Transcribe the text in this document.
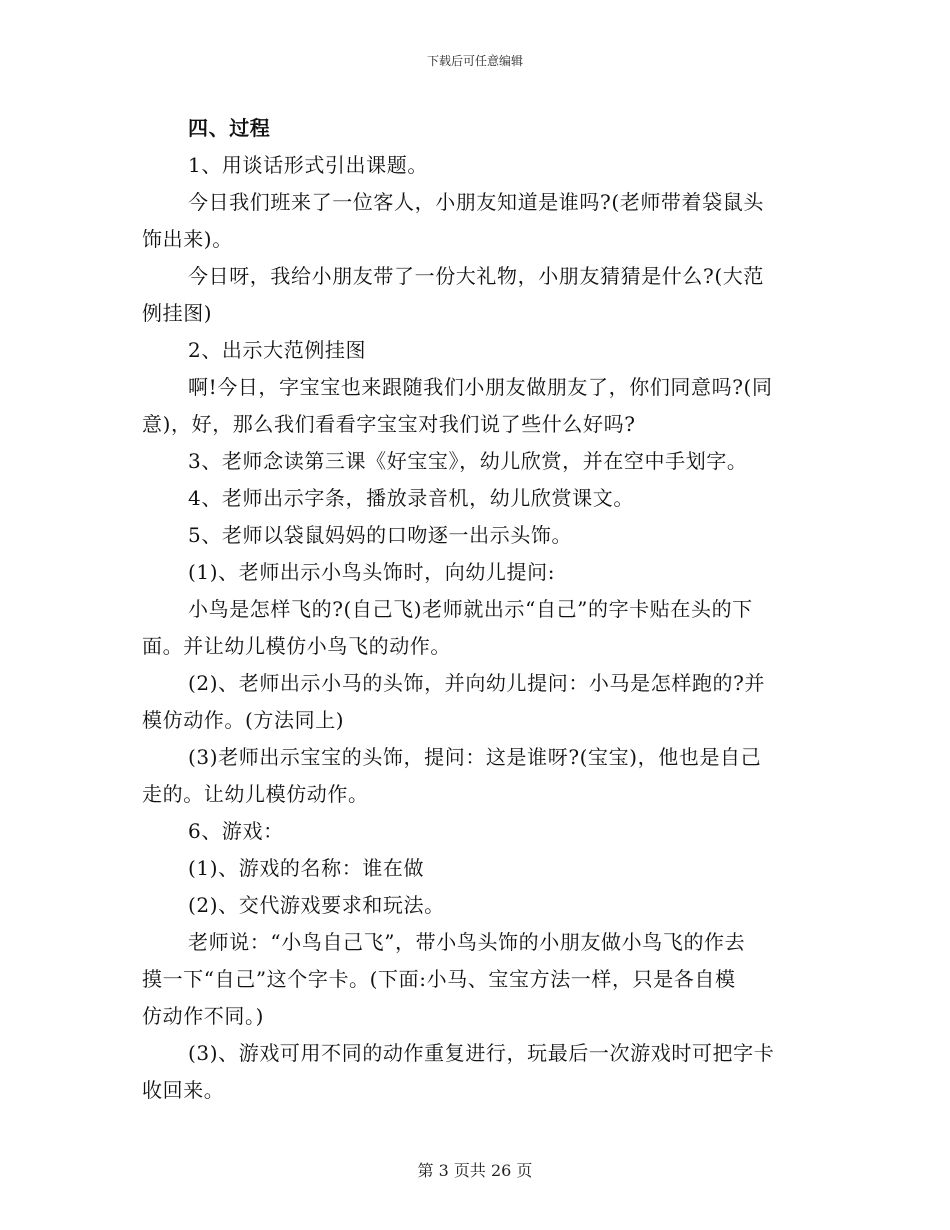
下载后可任意编辑
四、过程
1、用谈话形式引出课题。
今日我们班来了一位客人，小朋友知道是谁吗?(老师带着袋鼠头
饰出来)。
今日呀，我给小朋友带了一份大礼物，小朋友猜猜是什么?(大范
例挂图)
2、出示大范例挂图
啊!今日，字宝宝也来跟随我们小朋友做朋友了，你们同意吗?(同
意)，好，那么我们看看字宝宝对我们说了些什么好吗?
3、老师念读第三课《好宝宝》，幼儿欣赏，并在空中手划字。
4、老师出示字条，播放录音机，幼儿欣赏课文。
5、老师以袋鼠妈妈的口吻逐一出示头饰。
(1)、老师出示小鸟头饰时，向幼儿提问:
小鸟是怎样飞的?(自己飞)老师就出示“自己”的字卡贴在头的下
面。并让幼儿模仿小鸟飞的动作。
(2)、老师出示小马的头饰，并向幼儿提问：小马是怎样跑的?并
模仿动作。(方法同上)
(3)老师出示宝宝的头饰，提问：这是谁呀?(宝宝)，他也是自己
走的。让幼儿模仿动作。
6、游戏：
(1)、游戏的名称：谁在做
(2)、交代游戏要求和玩法。
老师说：“小鸟自己飞”，带小鸟头饰的小朋友做小鸟飞的作去
摸一下“自己”这个字卡。(下面:小马、宝宝方法一样，只是各自模
仿动作不同。)
(3)、游戏可用不同的动作重复进行，玩最后一次游戏时可把字卡
收回来。
第 3 页共 26 页
